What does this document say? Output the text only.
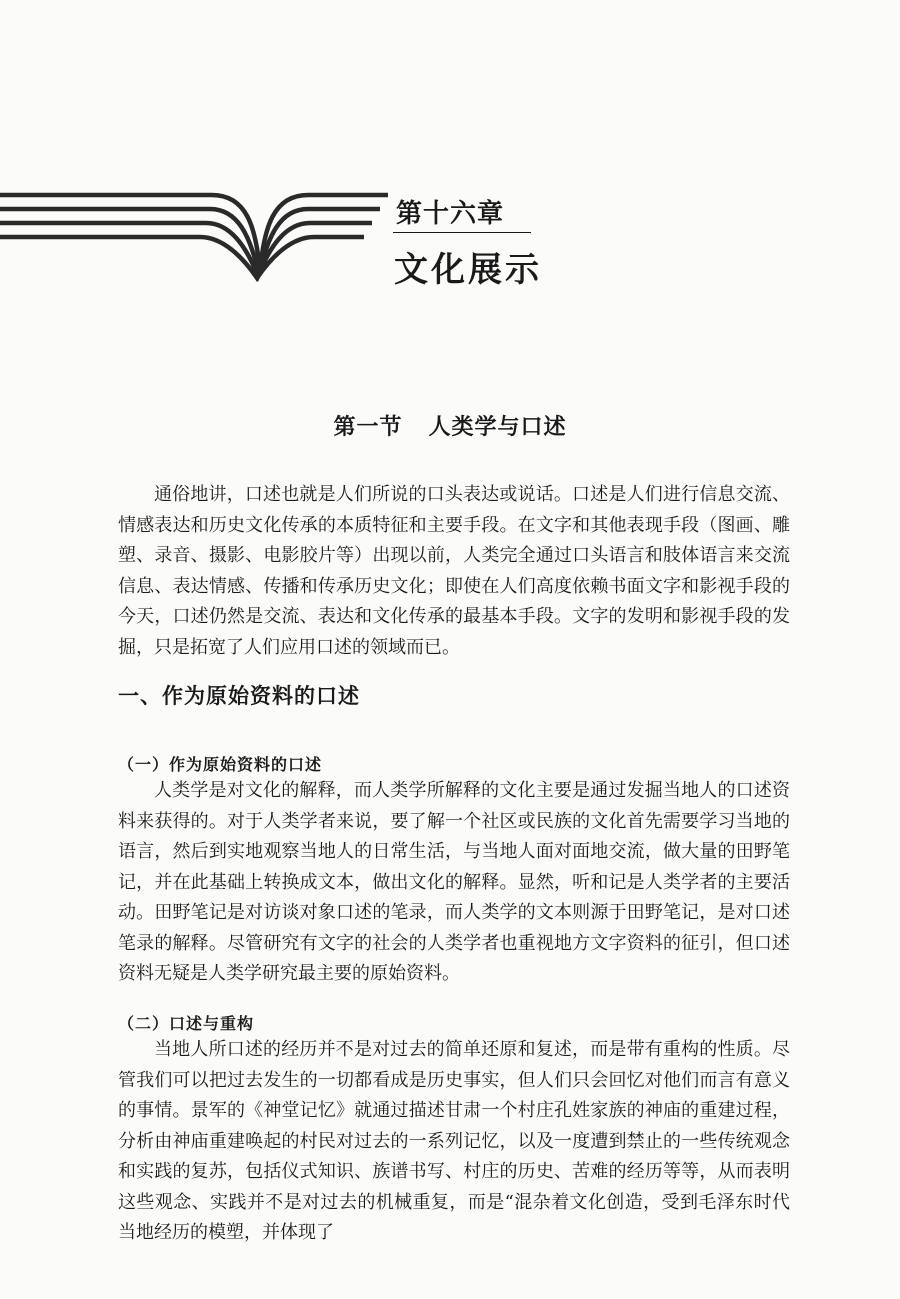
第十六章
文化展示
第一节 人类学与口述

通俗地讲，口述也就是人们所说的口头表达或说话。口述是人们进行信息交流、情感表达和历史文化传承的本质特征和主要手段。在文字和其他表现手段（图画、雕塑、录音、摄影、电影胶片等）出现以前，人类完全通过口头语言和肢体语言来交流信息、表达情感、传播和传承历史文化；即使在人们高度依赖书面文字和影视手段的今天，口述仍然是交流、表达和文化传承的最基本手段。文字的发明和影视手段的发掘，只是拓宽了人们应用口述的领域而已。

一、作为原始资料的口述
（一）作为原始资料的口述

人类学是对文化的解释，而人类学所解释的文化主要是通过发掘当地人的口述资料来获得的。对于人类学者来说，要了解一个社区或民族的文化首先需要学习当地的语言，然后到实地观察当地人的日常生活，与当地人面对面地交流，做大量的田野笔记，并在此基础上转换成文本，做出文化的解释。显然，听和记是人类学者的主要活动。田野笔记是对访谈对象口述的笔录，而人类学的文本则源于田野笔记，是对口述笔录的解释。尽管研究有文字的社会的人类学者也重视地方文字资料的征引，但口述资料无疑是人类学研究最主要的原始资料。

（二）口述与重构

当地人所口述的经历并不是对过去的简单还原和复述，而是带有重构的性质。尽管我们可以把过去发生的一切都看成是历史事实，但人们只会回忆对他们而言有意义的事情。景军的《神堂记忆》就通过描述甘肃一个村庄孔姓家族的神庙的重建过程，分析由神庙重建唤起的村民对过去的一系列记忆，以及一度遭到禁止的一些传统观念和实践的复苏，包括仪式知识、族谱书写、村庄的历史、苦难的经历等等，从而表明这些观念、实践并不是对过去的机械重复，而是“混杂着文化创造，受到毛泽东时代当地经历的模塑，并体现了
